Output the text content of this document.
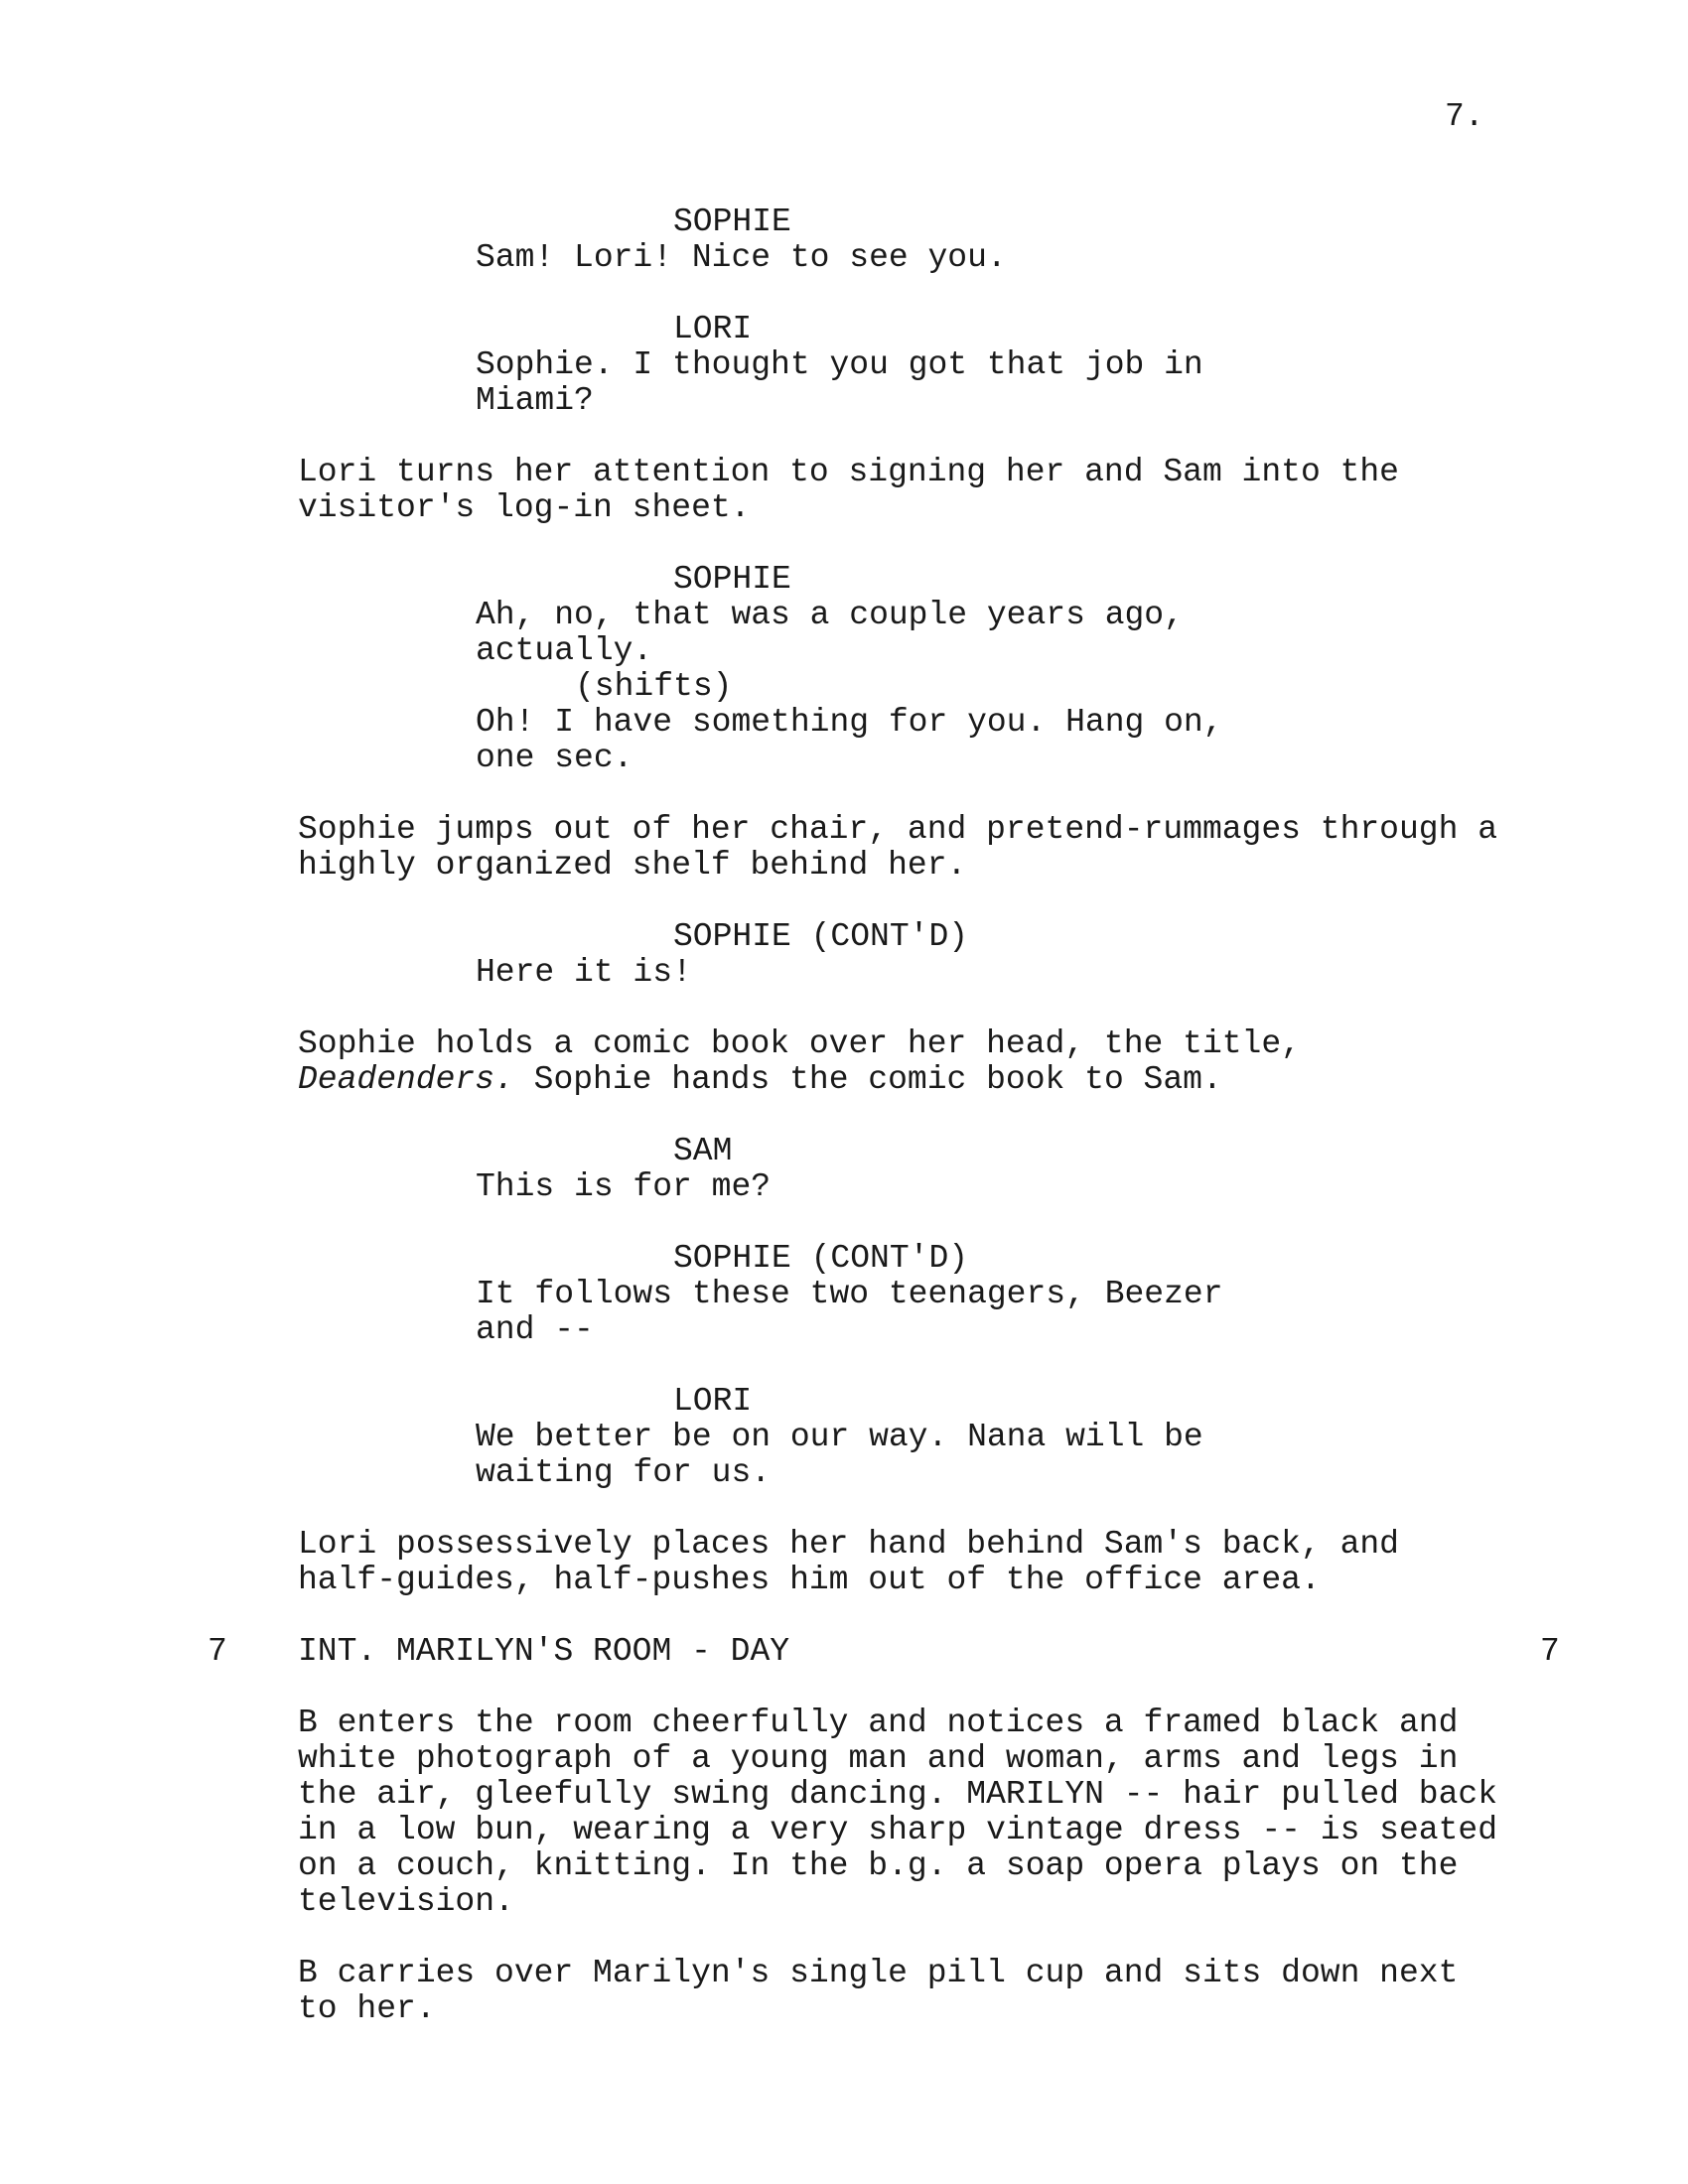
7.
SOPHIE
Sam! Lori! Nice to see you.
LORI
Sophie. I thought you got that job in
Miami?
Lori turns her attention to signing her and Sam into the
visitor's log-in sheet.
SOPHIE
Ah, no, that was a couple years ago,
actually.
(shifts)
Oh! I have something for you. Hang on,
one sec.
Sophie jumps out of her chair, and pretend-rummages through a
highly organized shelf behind her.
SOPHIE (CONT'D)
Here it is!
Sophie holds a comic book over her head, the title,
Deadenders. Sophie hands the comic book to Sam.
SAM
This is for me?
SOPHIE (CONT'D)
It follows these two teenagers, Beezer
and --
LORI
We better be on our way. Nana will be
waiting for us.
Lori possessively places her hand behind Sam's back, and
half-guides, half-pushes him out of the office area.
7 INT. MARILYN'S ROOM - DAY	7
B enters the room cheerfully and notices a framed black and
white photograph of a young man and woman, arms and legs in
the air, gleefully swing dancing. MARILYN -- hair pulled back
in a low bun, wearing a very sharp vintage dress -- is seated
on a couch, knitting. In the b.g. a soap opera plays on the
television.
B carries over Marilyn's single pill cup and sits down next
to her.
